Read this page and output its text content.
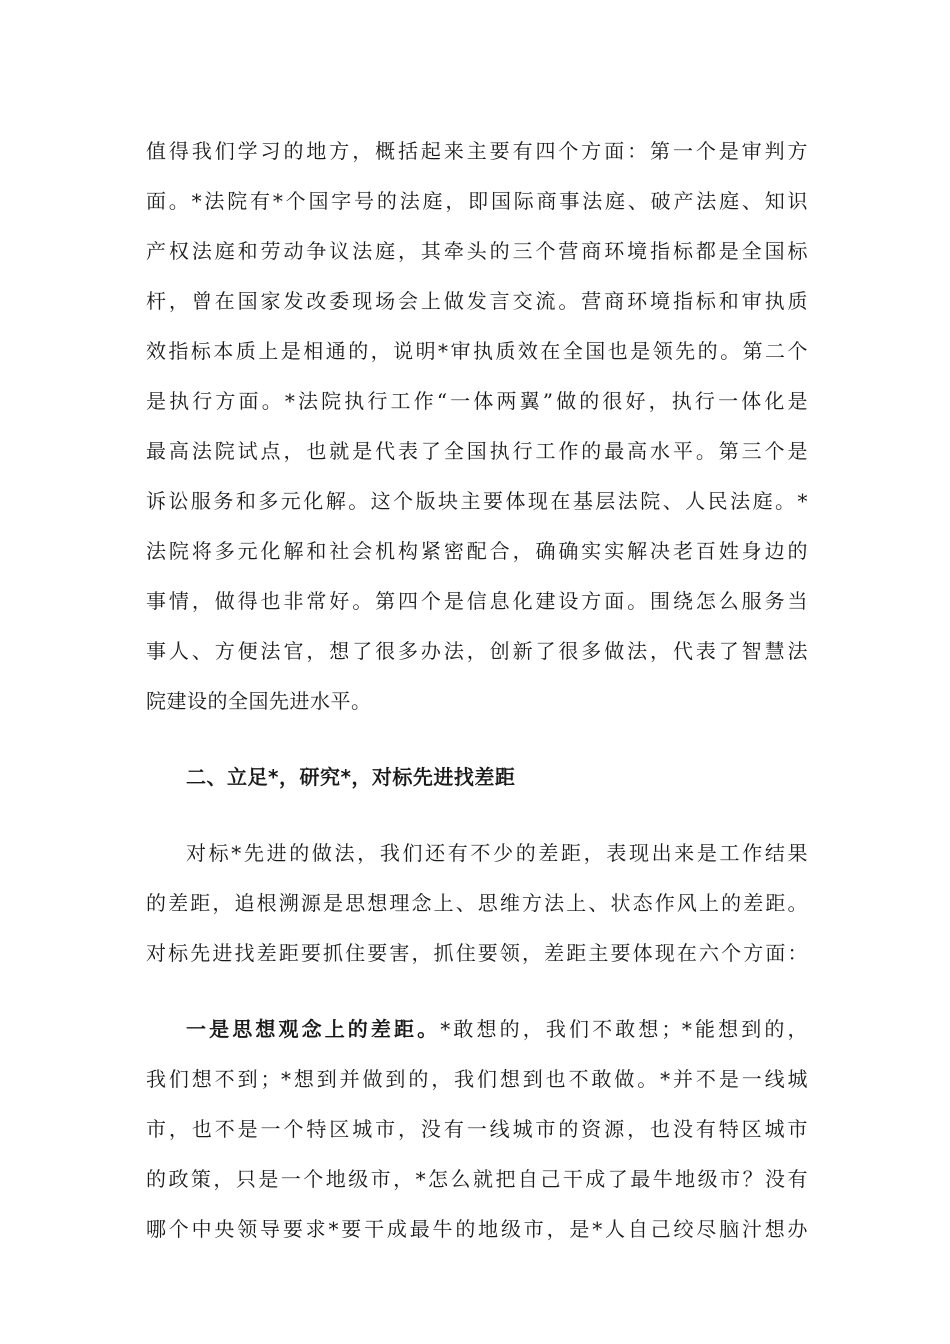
值得我们学习的地方，概括起来主要有四个方面：第一个是审判方
面。*法院有*个国字号的法庭，即国际商事法庭、破产法庭、知识
产权法庭和劳动争议法庭，其牵头的三个营商环境指标都是全国标
杆，曾在国家发改委现场会上做发言交流。营商环境指标和审执质
效指标本质上是相通的，说明*审执质效在全国也是领先的。第二个
是执行方面。*法院执行工作“一体两翼”做的很好，执行一体化是
最高法院试点，也就是代表了全国执行工作的最高水平。第三个是
诉讼服务和多元化解。这个版块主要体现在基层法院、人民法庭。*
法院将多元化解和社会机构紧密配合，确确实实解决老百姓身边的
事情，做得也非常好。第四个是信息化建设方面。围绕怎么服务当
事人、方便法官，想了很多办法，创新了很多做法，代表了智慧法
院建设的全国先进水平。
二、立足*，研究*，对标先进找差距
对标*先进的做法，我们还有不少的差距，表现出来是工作结果
的差距，追根溯源是思想理念上、思维方法上、状态作风上的差距。
对标先进找差距要抓住要害，抓住要领，差距主要体现在六个方面：
一是思想观念上的差距。*敢想的，我们不敢想；*能想到的，
我们想不到；*想到并做到的，我们想到也不敢做。*并不是一线城
市，也不是一个特区城市，没有一线城市的资源，也没有特区城市
的政策，只是一个地级市，*怎么就把自己干成了最牛地级市？没有
哪个中央领导要求*要干成最牛的地级市，是*人自己绞尽脑汁想办
